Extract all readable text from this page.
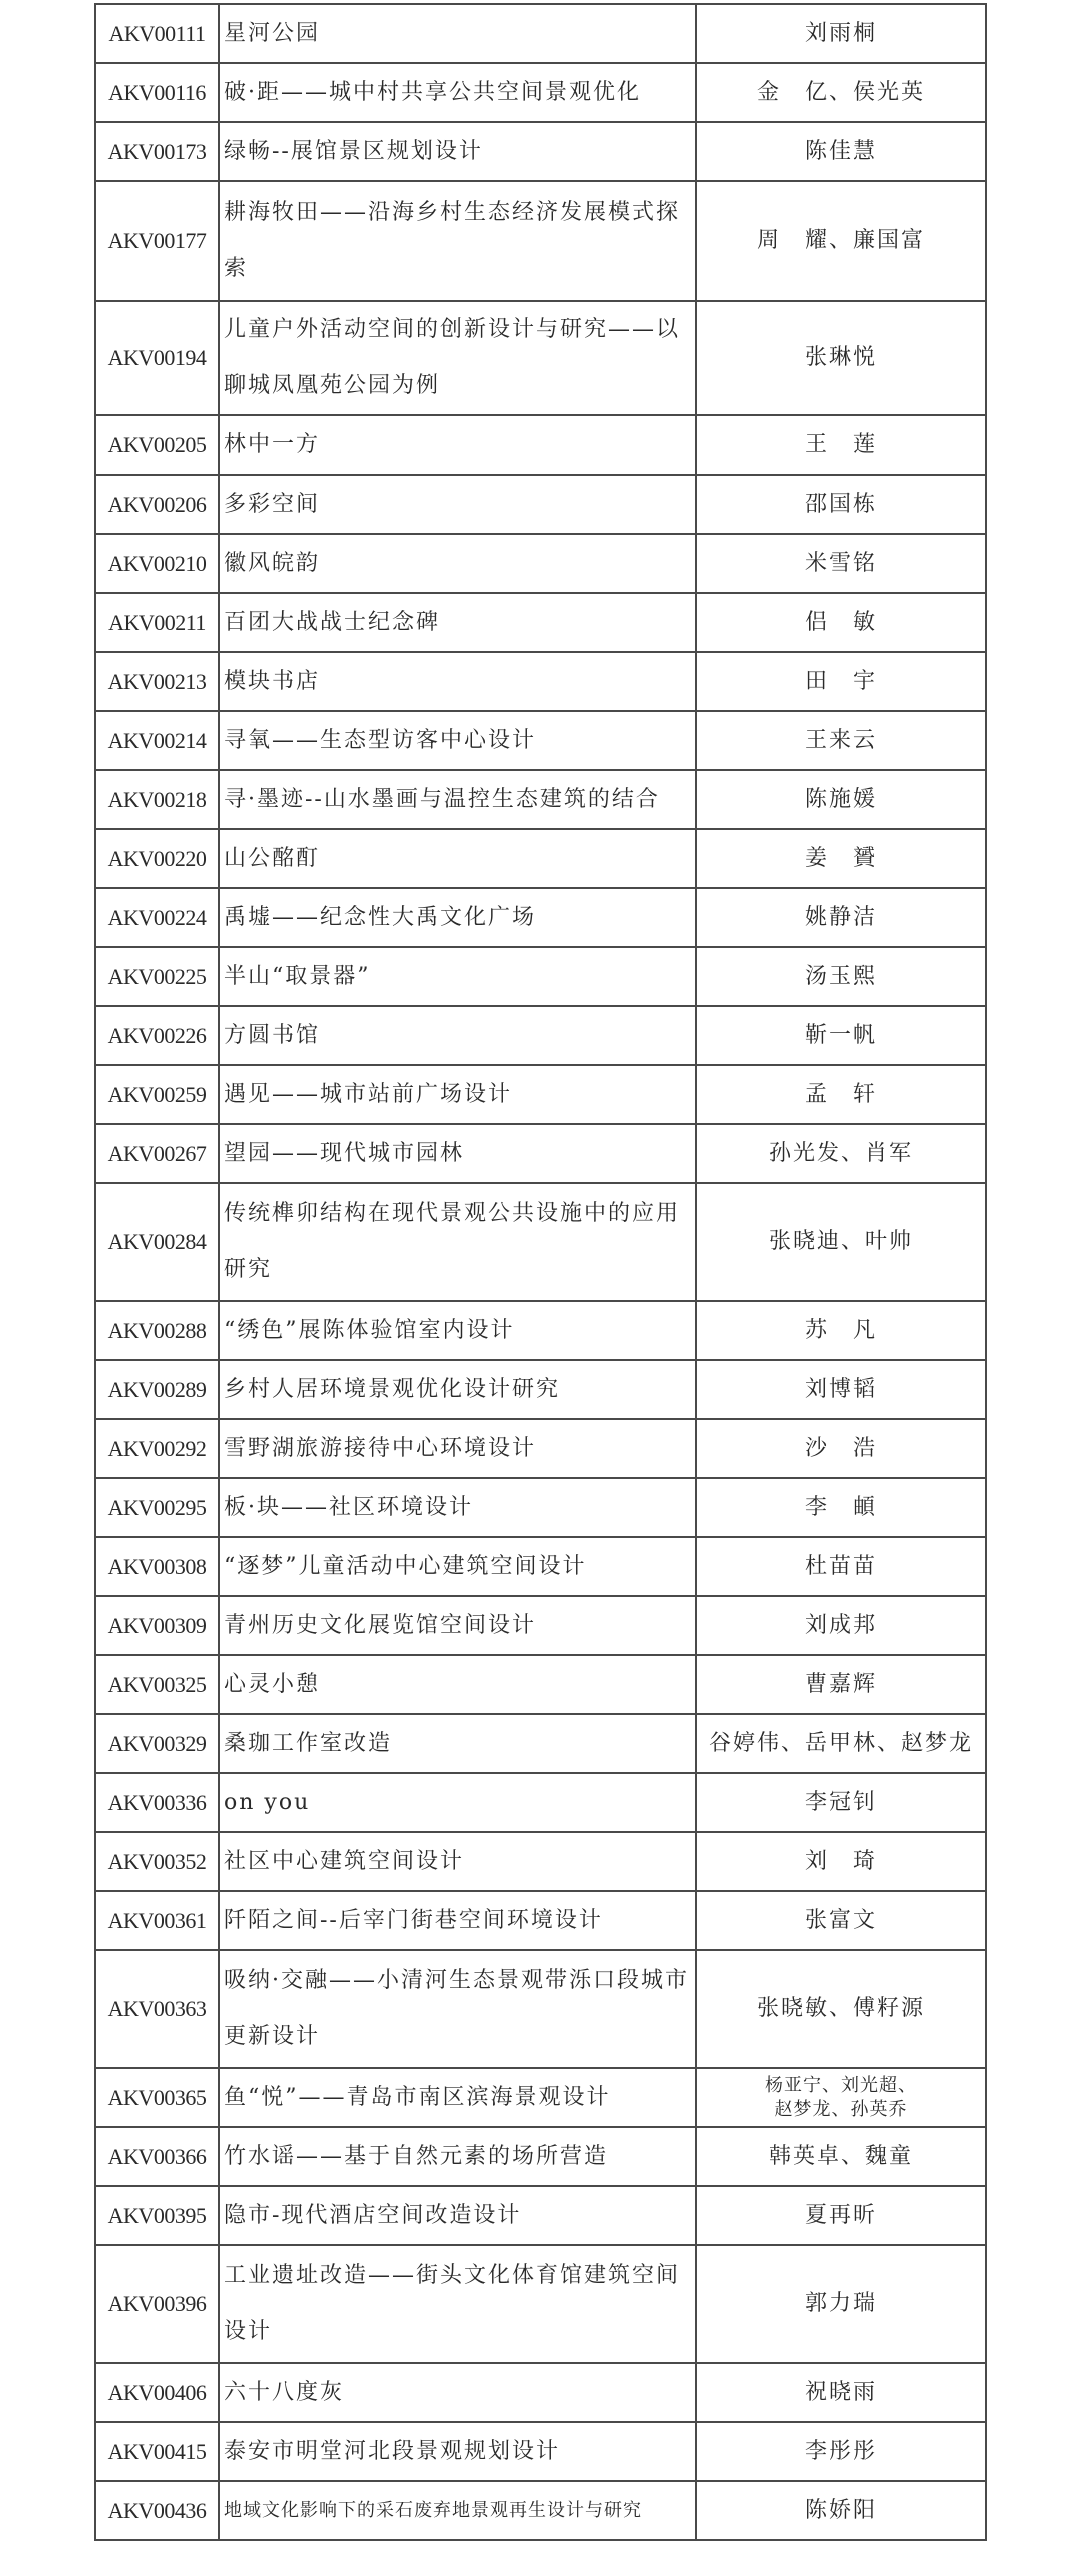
AKV00111	星河公园	刘雨桐
AKV00116	破·距——城中村共享公共空间景观优化	金　亿、侯光英
AKV00173	绿畅--展馆景区规划设计	陈佳慧
AKV00177	耕海牧田——沿海乡村生态经济发展模式探索	周　耀、廉国富
AKV00194	儿童户外活动空间的创新设计与研究——以聊城凤凰苑公园为例	张琳悦
AKV00205	林中一方	王　莲
AKV00206	多彩空间	邵国栋
AKV00210	徽风皖韵	米雪铭
AKV00211	百团大战战士纪念碑	侣　敏
AKV00213	模块书店	田　宇
AKV00214	寻氧——生态型访客中心设计	王来云
AKV00218	寻·墨迹--山水墨画与温控生态建筑的结合	陈施媛
AKV00220	山公酩酊	姜　贇
AKV00224	禹墟——纪念性大禹文化广场	姚静洁
AKV00225	半山“取景器”	汤玉熙
AKV00226	方圆书馆	靳一帆
AKV00259	遇见——城市站前广场设计	孟　轩
AKV00267	望园——现代城市园林	孙光发、肖军
AKV00284	传统榫卯结构在现代景观公共设施中的应用研究	张晓迪、叶帅
AKV00288	“绣色”展陈体验馆室内设计	苏　凡
AKV00289	乡村人居环境景观优化设计研究	刘博韬
AKV00292	雪野湖旅游接待中心环境设计	沙　浩
AKV00295	板·块——社区环境设计	李　頔
AKV00308	“逐梦”儿童活动中心建筑空间设计	杜苗苗
AKV00309	青州历史文化展览馆空间设计	刘成邦
AKV00325	心灵小憩	曹嘉辉
AKV00329	桑珈工作室改造	谷婷伟、岳甲林、赵梦龙
AKV00336	on you	李冠钊
AKV00352	社区中心建筑空间设计	刘　琦
AKV00361	阡陌之间--后宰门街巷空间环境设计	张富文
AKV00363	吸纳·交融——小清河生态景观带泺口段城市更新设计	张晓敏、傅籽源
AKV00365	鱼“悦”——青岛市南区滨海景观设计	杨亚宁、刘光超、赵梦龙、孙英乔
AKV00366	竹水谣——基于自然元素的场所营造	韩英卓、魏童
AKV00395	隐市-现代酒店空间改造设计	夏再昕
AKV00396	工业遗址改造——街头文化体育馆建筑空间设计	郭力瑞
AKV00406	六十八度灰	祝晓雨
AKV00415	泰安市明堂河北段景观规划设计	李彤彤
AKV00436	地域文化影响下的采石废弃地景观再生设计与研究	陈娇阳
